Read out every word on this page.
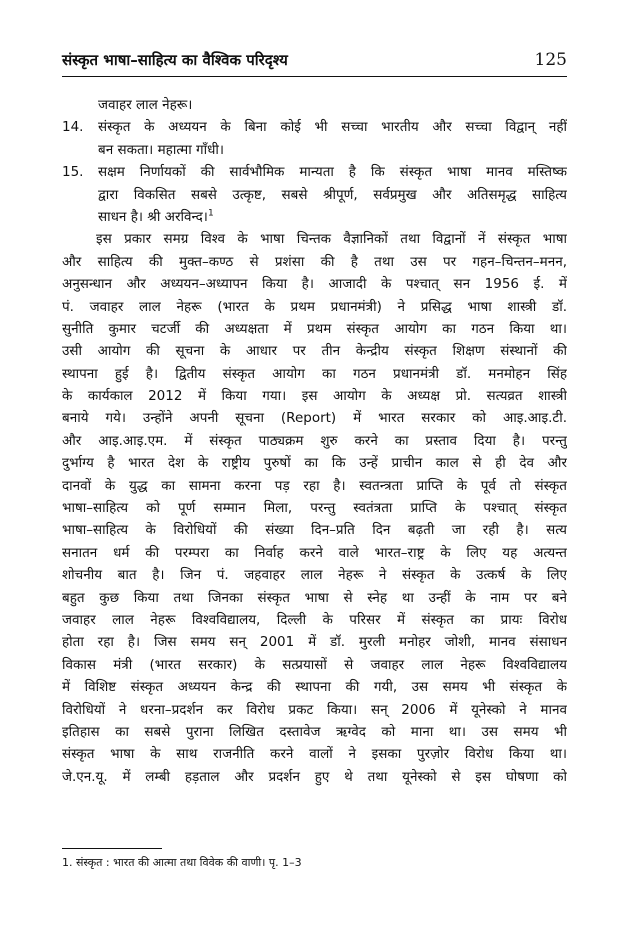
संस्कृत भाषा–साहित्य का वैश्विक परिदृश्य	125
जवाहर लाल नेहरू।
14. संस्कृत के अध्ययन के बिना कोई भी सच्चा भारतीय और सच्चा विद्वान् नहीं
बन सकता। महात्मा गाँधी।
15. सक्षम निर्णायकों की सार्वभौमिक मान्यता है कि संस्कृत भाषा मानव मस्तिष्क
द्वारा विकसित सबसे उत्कृष्ट, सबसे श्रीपूर्ण, सर्वप्रमुख और अतिसमृद्ध साहित्य
साधन है। श्री अरविन्द।$^1$
इस प्रकार समग्र विश्व के भाषा चिन्तक वैज्ञानिकों तथा विद्वानों नें संस्कृत भाषा
और साहित्य की मुक्त–कण्ठ से प्रशंसा की है तथा उस पर गहन–चिन्तन–मनन,
अनुसन्धान और अध्ययन–अध्यापन किया है। आजादी के पश्चात् सन 1956 ई. में
पं. जवाहर लाल नेहरू (भारत के प्रथम प्रधानमंत्री) ने प्रसिद्ध भाषा शास्त्री डॉ.
सुनीति कुमार चटर्जी की अध्यक्षता में प्रथम संस्कृत आयोग का गठन किया था।
उसी आयोग की सूचना के आधार पर तीन केन्द्रीय संस्कृत शिक्षण संस्थानों की
स्थापना हुई है। द्वितीय संस्कृत आयोग का गठन प्रधानमंत्री डॉ. मनमोहन सिंह
के कार्यकाल 2012 में किया गया। इस आयोग के अध्यक्ष प्रो. सत्यव्रत शास्त्री
बनाये गये। उन्होंने अपनी सूचना (Report) में भारत सरकार को आइ.आइ.टी.
और आइ.आइ.एम. में संस्कृत पाठ्यक्रम शुरु करने का प्रस्ताव दिया है। परन्तु
दुर्भाग्य है भारत देश के राष्ट्रीय पुरुषों का कि उन्हें प्राचीन काल से ही देव और
दानवों के युद्ध का सामना करना पड़ रहा है। स्वतन्त्रता प्राप्ति के पूर्व तो संस्कृत
भाषा–साहित्य को पूर्ण सम्मान मिला, परन्तु स्वतंत्रता प्राप्ति के पश्चात् संस्कृत
भाषा–साहित्य के विरोधियों की संख्या दिन–प्रति दिन बढ़ती जा रही है। सत्य
सनातन धर्म की परम्परा का निर्वाह करने वाले भारत–राष्ट्र के लिए यह अत्यन्त
शोचनीय बात है। जिन पं. जहवाहर लाल नेहरू ने संस्कृत के उत्कर्ष के लिए
बहुत कुछ किया तथा जिनका संस्कृत भाषा से स्नेह था उन्हीं के नाम पर बने
जवाहर लाल नेहरू विश्वविद्यालय, दिल्ली के परिसर में संस्कृत का प्रायः विरोध
होता रहा है। जिस समय सन् 2001 में डॉ. मुरली मनोहर जोशी, मानव संसाधन
विकास मंत्री (भारत सरकार) के सत्प्रयासों से जवाहर लाल नेहरू विश्वविद्यालय
में विशिष्ट संस्कृत अध्ययन केन्द्र की स्थापना की गयी, उस समय भी संस्कृत के
विरोधियों ने धरना–प्रदर्शन कर विरोध प्रकट किया। सन् 2006 में यूनेस्को ने मानव
इतिहास का सबसे पुराना लिखित दस्तावेज ऋग्वेद को माना था। उस समय भी
संस्कृत भाषा के साथ राजनीति करने वालों ने इसका पुरज़ोर विरोध किया था।
जे.एन.यू. में लम्बी हड़ताल और प्रदर्शन हुए थे तथा यूनेस्को से इस घोषणा को
1. संस्कृत : भारत की आत्मा तथा विवेक की वाणी। पृ. 1–3
